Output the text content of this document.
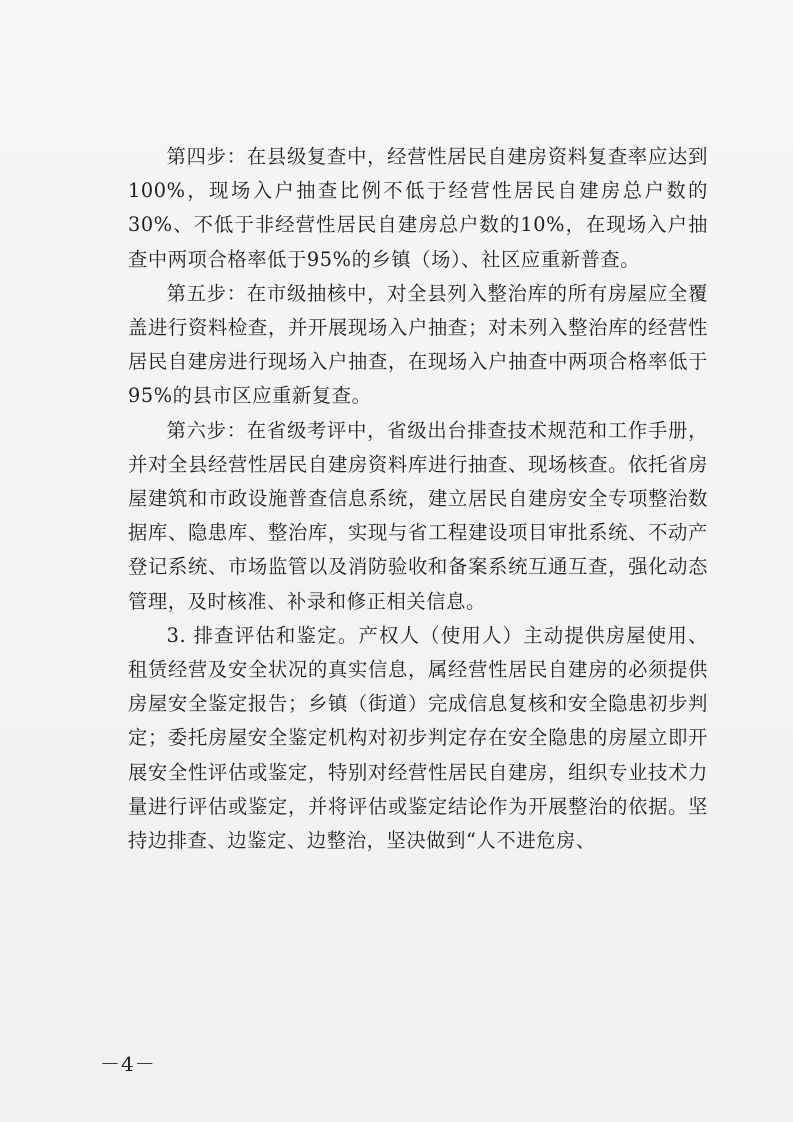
第四步：在县级复查中，经营性居民自建房资料复查率应达到100%，现场入户抽查比例不低于经营性居民自建房总户数的30%、不低于非经营性居民自建房总户数的10%，在现场入户抽查中两项合格率低于95%的乡镇（场）、社区应重新普查。

第五步：在市级抽核中，对全县列入整治库的所有房屋应全覆盖进行资料检查，并开展现场入户抽查；对未列入整治库的经营性居民自建房进行现场入户抽查，在现场入户抽查中两项合格率低于95%的县市区应重新复查。

第六步：在省级考评中，省级出台排查技术规范和工作手册，并对全县经营性居民自建房资料库进行抽查、现场核查。依托省房屋建筑和市政设施普查信息系统，建立居民自建房安全专项整治数据库、隐患库、整治库，实现与省工程建设项目审批系统、不动产登记系统、市场监管以及消防验收和备案系统互通互查，强化动态管理，及时核准、补录和修正相关信息。

3. 排查评估和鉴定。产权人（使用人）主动提供房屋使用、租赁经营及安全状况的真实信息，属经营性居民自建房的必须提供房屋安全鉴定报告；乡镇（街道）完成信息复核和安全隐患初步判定；委托房屋安全鉴定机构对初步判定存在安全隐患的房屋立即开展安全性评估或鉴定，特别对经营性居民自建房，组织专业技术力量进行评估或鉴定，并将评估或鉴定结论作为开展整治的依据。坚持边排查、边鉴定、边整治，坚决做到“人不进危房、

－4－
